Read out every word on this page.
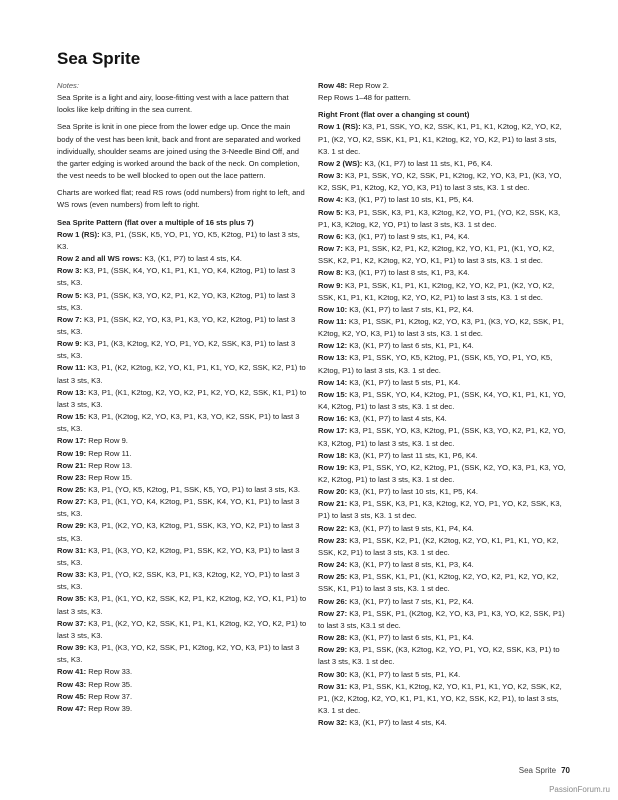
Sea Sprite

Notes:

Sea Sprite is a light and airy, loose-fitting vest with a lace pattern that looks like kelp drifting in the sea current.

Sea Sprite is knit in one piece from the lower edge up. Once the main body of the vest has been knit, back and front are separated and worked individually, shoulder seams are joined using the 3-Needle Bind Off, and the garter edging is worked around the back of the neck. On completion, the vest needs to be well blocked to open out the lace pattern.

Charts are worked flat; read RS rows (odd numbers) from right to left, and WS rows (even numbers) from left to right.

Sea Sprite Pattern (flat over a multiple of 16 sts plus 7)

Row 1 (RS): K3, P1, (SSK, K5, YO, P1, YO, K5, K2tog, P1) to last 3 sts, K3.

Row 2 and all WS rows: K3, (K1, P7) to last 4 sts, K4.

Row 3: K3, P1, (SSK, K4, YO, K1, P1, K1, YO, K4, K2tog, P1) to last 3 sts, K3.

Row 5: K3, P1, (SSK, K3, YO, K2, P1, K2, YO, K3, K2tog, P1) to last 3 sts, K3.

Row 7: K3, P1, (SSK, K2, YO, K3, P1, K3, YO, K2, K2tog, P1) to last 3 sts, K3.

Row 9: K3, P1, (K3, K2tog, K2, YO, P1, YO, K2, SSK, K3, P1) to last 3 sts, K3.

Row 11: K3, P1, (K2, K2tog, K2, YO, K1, P1, K1, YO, K2, SSK, K2, P1) to last 3 sts, K3.

Row 13: K3, P1, (K1, K2tog, K2, YO, K2, P1, K2, YO, K2, SSK, K1, P1) to last 3 sts, K3.

Row 15: K3, P1, (K2tog, K2, YO, K3, P1, K3, YO, K2, SSK, P1) to last 3 sts, K3.

Row 17: Rep Row 9.

Row 19: Rep Row 11.

Row 21: Rep Row 13.

Row 23: Rep Row 15.

Row 25: K3, P1, (YO, K5, K2tog, P1, SSK, K5, YO, P1) to last 3 sts, K3.

Row 27: K3, P1, (K1, YO, K4, K2tog, P1, SSK, K4, YO, K1, P1) to last 3 sts, K3.

Row 29: K3, P1, (K2, YO, K3, K2tog, P1, SSK, K3, YO, K2, P1) to last 3 sts, K3.

Row 31: K3, P1, (K3, YO, K2, K2tog, P1, SSK, K2, YO, K3, P1) to last 3 sts, K3.

Row 33: K3, P1, (YO, K2, SSK, K3, P1, K3, K2tog, K2, YO, P1) to last 3 sts, K3.

Row 35: K3, P1, (K1, YO, K2, SSK, K2, P1, K2, K2tog, K2, YO, K1, P1) to last 3 sts, K3.

Row 37: K3, P1, (K2, YO, K2, SSK, K1, P1, K1, K2tog, K2, YO, K2, P1) to last 3 sts, K3.

Row 39: K3, P1, (K3, YO, K2, SSK, P1, K2tog, K2, YO, K3, P1) to last 3 sts, K3.

Row 41: Rep Row 33.

Row 43: Rep Row 35.

Row 45: Rep Row 37.

Row 47: Rep Row 39.

Row 48: Rep Row 2.

Rep Rows 1–48 for pattern.

Right Front (flat over a changing st count)

Row 1 (RS): K3, P1, SSK, YO, K2, SSK, K1, P1, K1, K2tog, K2, YO, K2, P1, (K2, YO, K2, SSK, K1, P1, K1, K2tog, K2, YO, K2, P1) to last 3 sts, K3. 1 st dec.

Row 2 (WS): K3, (K1, P7) to last 11 sts, K1, P6, K4.

Row 3: K3, P1, SSK, YO, K2, SSK, P1, K2tog, K2, YO, K3, P1, (K3, YO, K2, SSK, P1, K2tog, K2, YO, K3, P1) to last 3 sts, K3. 1 st dec.

Row 4: K3, (K1, P7) to last 10 sts, K1, P5, K4.

Row 5: K3, P1, SSK, K3, P1, K3, K2tog, K2, YO, P1, (YO, K2, SSK, K3, P1, K3, K2tog, K2, YO, P1) to last 3 sts, K3. 1 st dec.

Row 6: K3, (K1, P7) to last 9 sts, K1, P4, K4.

Row 7: K3, P1, SSK, K2, P1, K2, K2tog, K2, YO, K1, P1, (K1, YO, K2, SSK, K2, P1, K2, K2tog, K2, YO, K1, P1) to last 3 sts, K3. 1 st dec.

Row 8: K3, (K1, P7) to last 8 sts, K1, P3, K4.

Row 9: K3, P1, SSK, K1, P1, K1, K2tog, K2, YO, K2, P1, (K2, YO, K2, SSK, K1, P1, K1, K2tog, K2, YO, K2, P1) to last 3 sts, K3. 1 st dec.

Row 10: K3, (K1, P7) to last 7 sts, K1, P2, K4.

Row 11: K3, P1, SSK, P1, K2tog, K2, YO, K3, P1, (K3, YO, K2, SSK, P1, K2tog, K2, YO, K3, P1) to last 3 sts, K3. 1 st dec.

Row 12: K3, (K1, P7) to last 6 sts, K1, P1, K4.

Row 13: K3, P1, SSK, YO, K5, K2tog, P1, (SSK, K5, YO, P1, YO, K5, K2tog, P1) to last 3 sts, K3. 1 st dec.

Row 14: K3, (K1, P7) to last 5 sts, P1, K4.

Row 15: K3, P1, SSK, YO, K4, K2tog, P1, (SSK, K4, YO, K1, P1, K1, YO, K4, K2tog, P1) to last 3 sts, K3. 1 st dec.

Row 16: K3, (K1, P7) to last 4 sts, K4.

Row 17: K3, P1, SSK, YO, K3, K2tog, P1, (SSK, K3, YO, K2, P1, K2, YO, K3, K2tog, P1) to last 3 sts, K3. 1 st dec.

Row 18: K3, (K1, P7) to last 11 sts, K1, P6, K4.

Row 19: K3, P1, SSK, YO, K2, K2tog, P1, (SSK, K2, YO, K3, P1, K3, YO, K2, K2tog, P1) to last 3 sts, K3. 1 st dec.

Row 20: K3, (K1, P7) to last 10 sts, K1, P5, K4.

Row 21: K3, P1, SSK, K3, P1, K3, K2tog, K2, YO, P1, YO, K2, SSK, K3, P1) to last 3 sts, K3. 1 st dec.

Row 22: K3, (K1, P7) to last 9 sts, K1, P4, K4.

Row 23: K3, P1, SSK, K2, P1, (K2, K2tog, K2, YO, K1, P1, K1, YO, K2, SSK, K2, P1) to last 3 sts, K3. 1 st dec.

Row 24: K3, (K1, P7) to last 8 sts, K1, P3, K4.

Row 25: K3, P1, SSK, K1, P1, (K1, K2tog, K2, YO, K2, P1, K2, YO, K2, SSK, K1, P1) to last 3 sts, K3. 1 st dec.

Row 26: K3, (K1, P7) to last 7 sts, K1, P2, K4.

Row 27: K3, P1, SSK, P1, (K2tog, K2, YO, K3, P1, K3, YO, K2, SSK, P1) to last 3 sts, K3.1 st dec.

Row 28: K3, (K1, P7) to last 6 sts, K1, P1, K4.

Row 29: K3, P1, SSK, (K3, K2tog, K2, YO, P1, YO, K2, SSK, K3, P1) to last 3 sts, K3. 1 st dec.

Row 30: K3, (K1, P7) to last 5 sts, P1, K4.

Row 31: K3, P1, SSK, K1, K2tog, K2, YO, K1, P1, K1, YO, K2, SSK, K2, P1, (K2, K2tog, K2, YO, K1, P1, K1, YO, K2, SSK, K2, P1), to last 3 sts, K3. 1 st dec.

Row 32: K3, (K1, P7) to last 4 sts, K4.

Sea Sprite 70
PassionForum.ru
